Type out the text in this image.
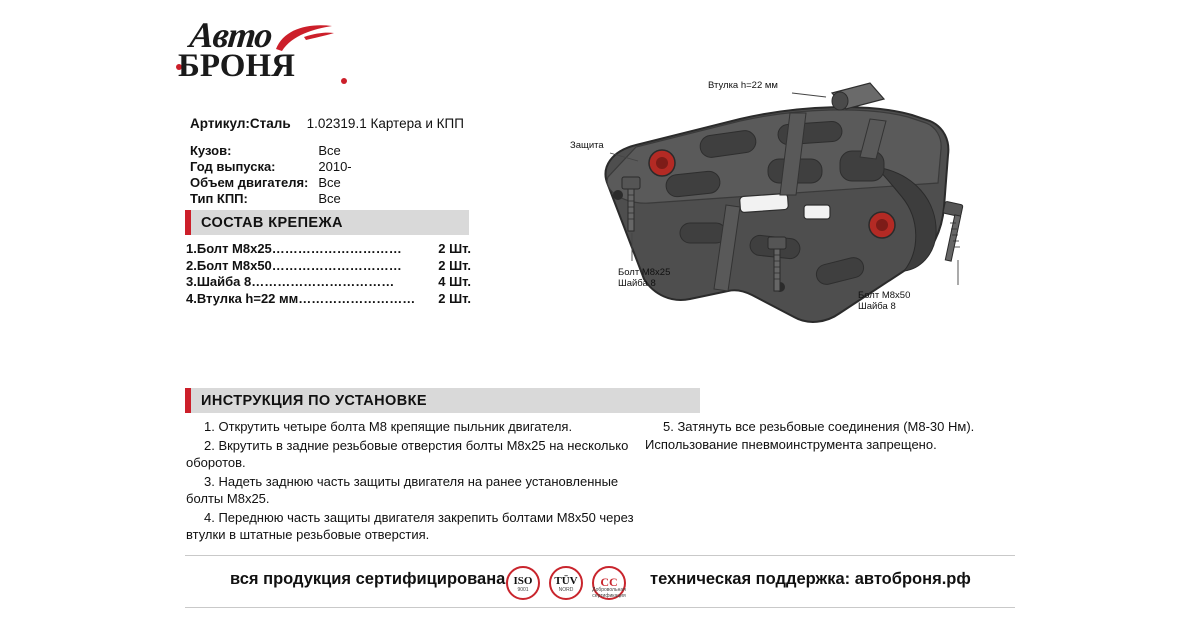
Авто
БРОНЯ
Артикул:Сталь 1.02319.1 Картера и КПП
Кузов:	Все
Год выпуска:	2010-
Объем двигателя:	Все
Тип КПП:	Все
СОСТАВ КРЕПЕЖА
1. Болт М8х25 …………………………	2 Шт.
2. Болт М8х50 …………………………	2 Шт.
3. Шайба 8 ……………………………	4 Шт.
4. Втулка h=22 мм ………………………	2 Шт.
ИНСТРУКЦИЯ ПО УСТАНОВКЕ

1. Открутить четыре болта М8 крепящие пыльник двигателя.

2. Вкрутить в задние резьбовые отверстия болты М8х25 на несколько оборотов.

3. Надеть заднюю часть защиты двигателя на ранее установленные болты М8х25.

4. Переднюю часть защиты двигателя закрепить болтами М8х50 через втулки в штатные резьбовые отверстия.

5. Затянуть все резьбовые соединения (М8-30 Нм). Использование пневмоинструмента запрещено.

Втулка h=22 мм
Защита
Болт М8х25
Шайба 8
Болт М8х50
Шайба 8
вся продукция сертифицирована ISO
9001
TÜV
NORD
СС
Добровольная сертификация
техническая поддержка: автоброня.рф
